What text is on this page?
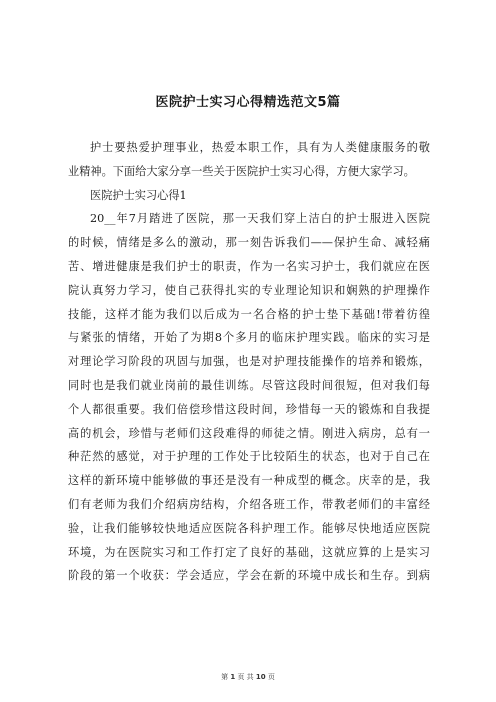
医院护士实习心得精选范文5篇
护士要热爱护理事业，热爱本职工作，具有为人类健康服务的敬
业精神。下面给大家分享一些关于医院护士实习心得，方便大家学习。
医院护士实习心得1
20__年7月踏进了医院，那一天我们穿上洁白的护士服进入医院
的时候，情绪是多么的激动，那一刻告诉我们——保护生命、减轻痛
苦、增进健康是我们护士的职责，作为一名实习护士，我们就应在医
院认真努力学习，使自己获得扎实的专业理论知识和娴熟的护理操作
技能，这样才能为我们以后成为一名合格的护士垫下基础!带着彷徨
与紧张的情绪，开始了为期8个多月的临床护理实践。临床的实习是
对理论学习阶段的巩固与加强，也是对护理技能操作的培养和锻炼，
同时也是我们就业岗前的最佳训练。尽管这段时间很短，但对我们每
个人都很重要。我们倍偿珍惜这段时间，珍惜每一天的锻炼和自我提
高的机会，珍惜与老师们这段难得的师徒之情。刚进入病房，总有一
种茫然的感觉，对于护理的工作处于比较陌生的状态，也对于自己在
这样的新环境中能够做的事还是没有一种成型的概念。庆幸的是，我
们有老师为我们介绍病房结构，介绍各班工作，带教老师们的丰富经
验，让我们能够较快地适应医院各科护理工作。能够尽快地适应医院
环境，为在医院实习和工作打定了良好的基础，这就应算的上是实习
阶段的第一个收获：学会适应，学会在新的环境中成长和生存。到病
第 1 页 共 10 页
